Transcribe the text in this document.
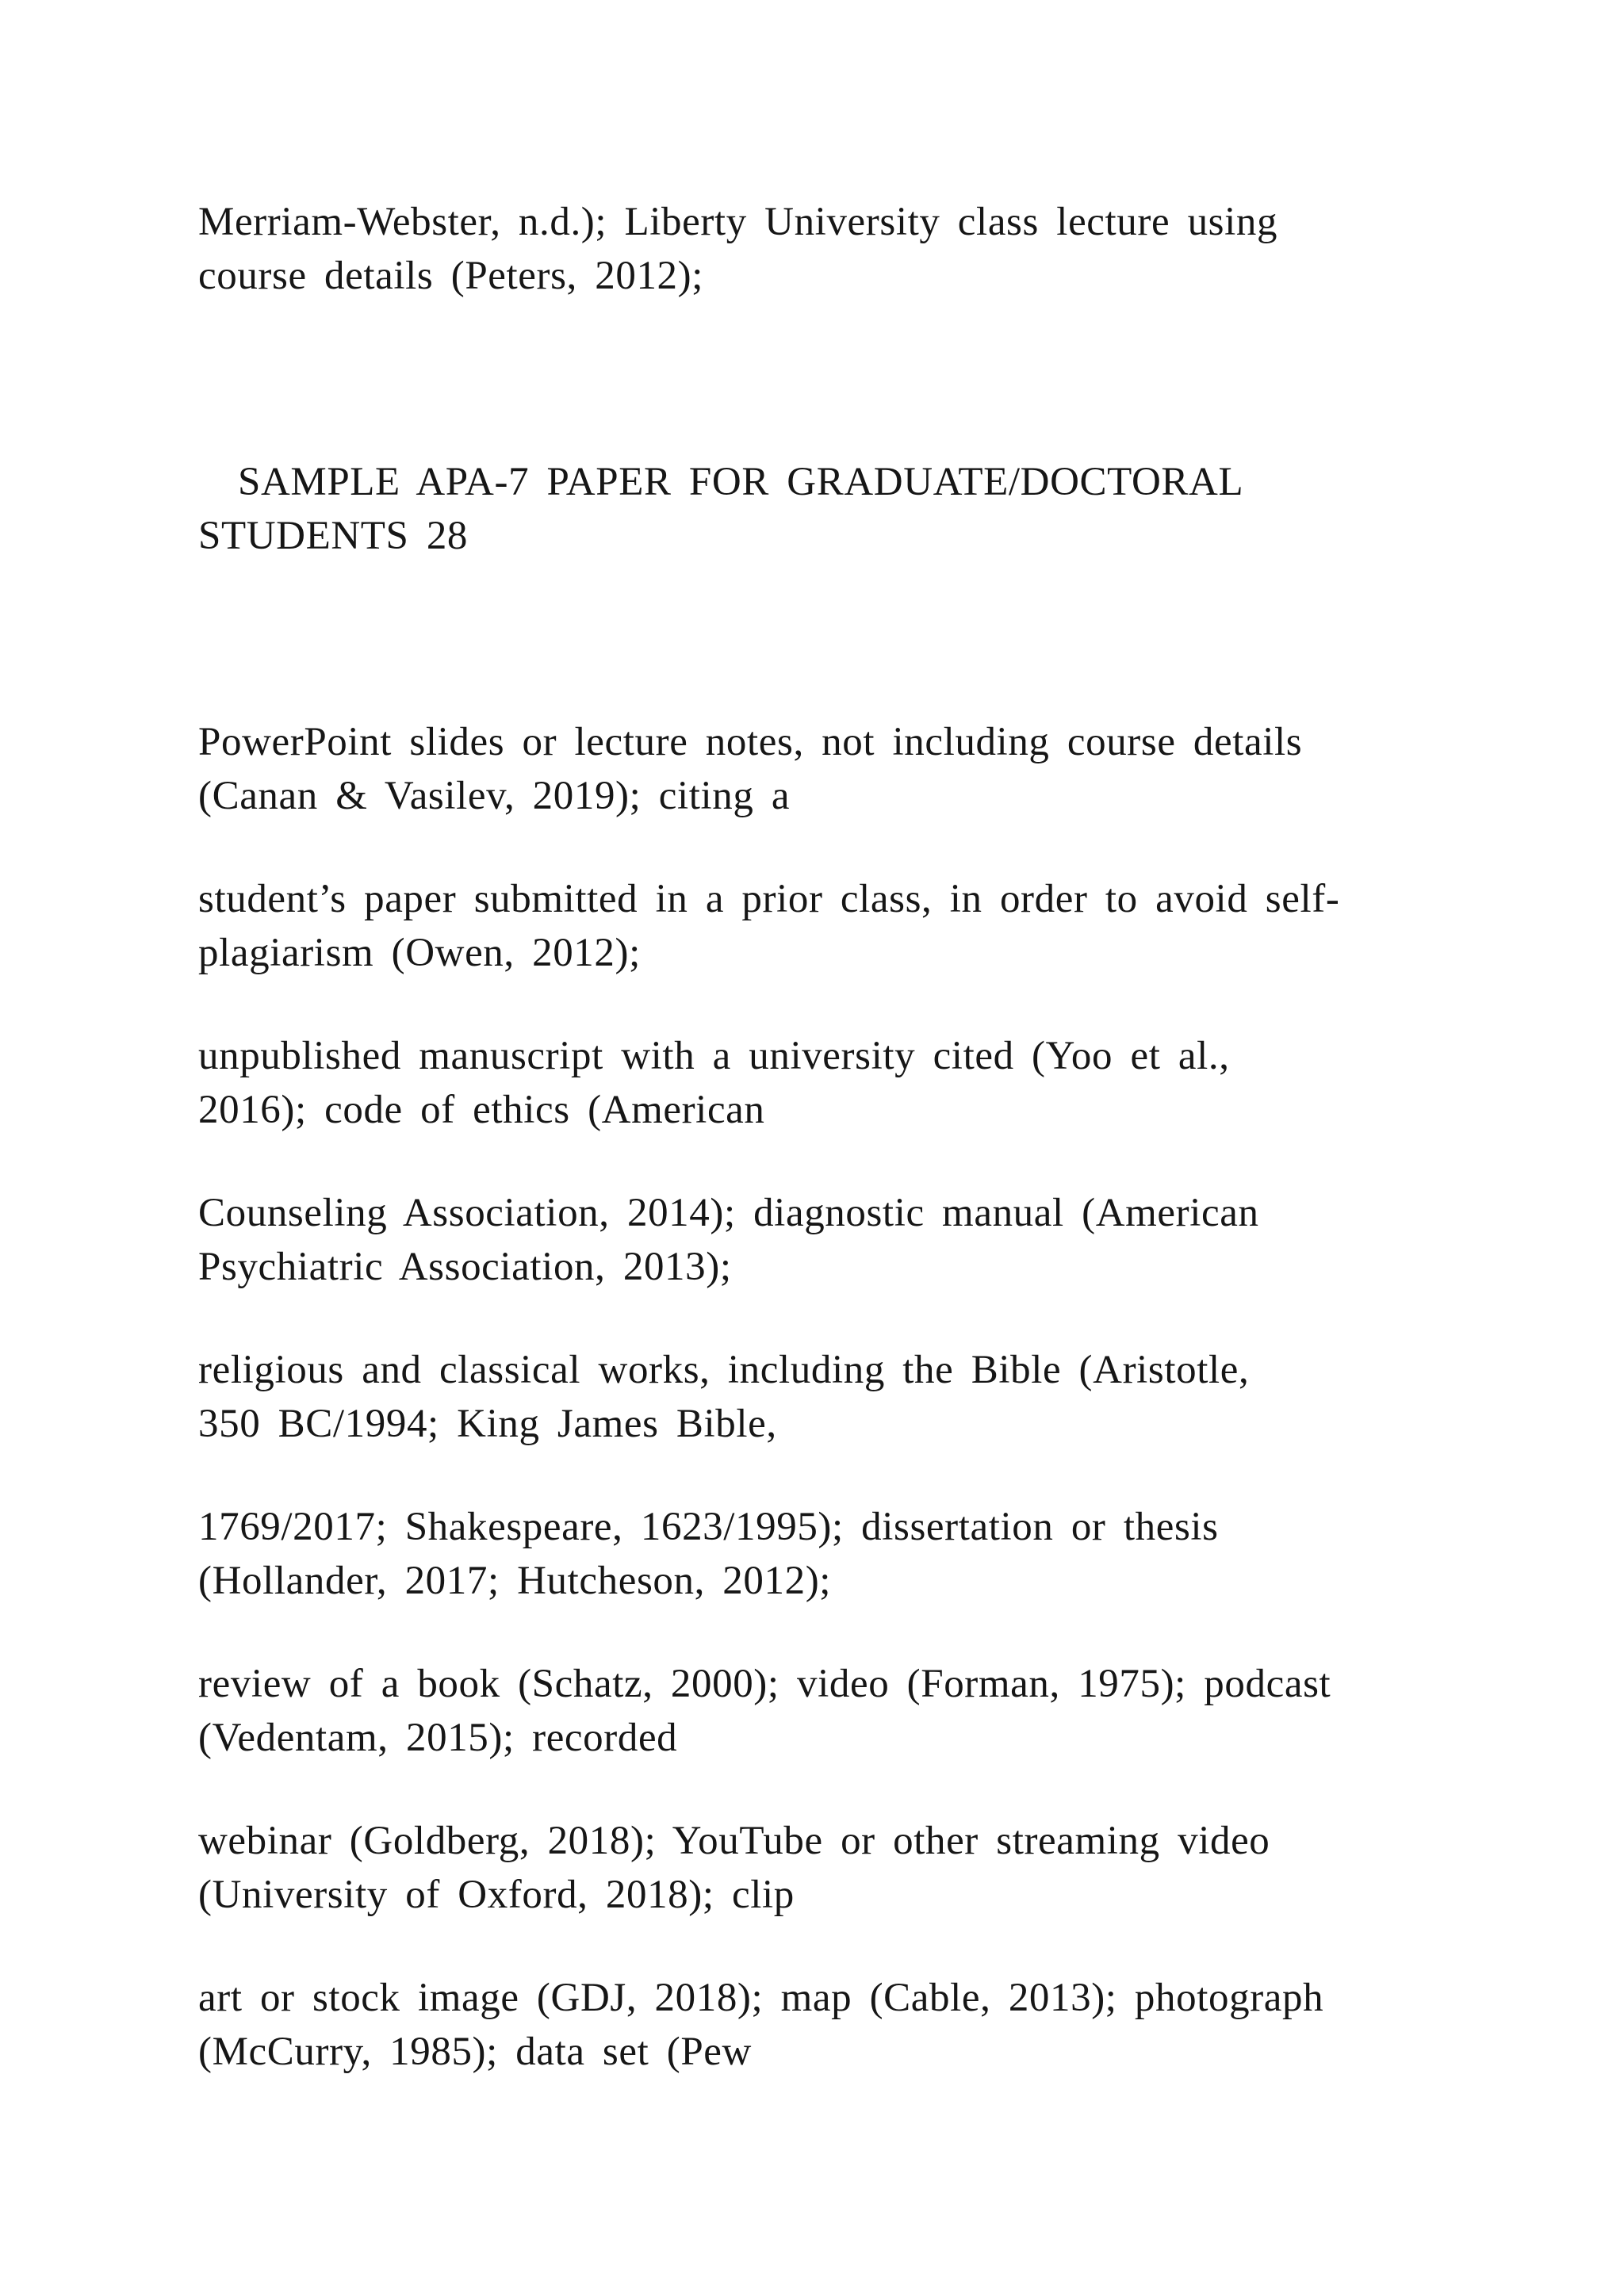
Merriam-Webster, n.d.); Liberty University class lecture using

course details (Peters, 2012);

SAMPLE APA-7 PAPER FOR GRADUATE/DOCTORAL

STUDENTS 28

PowerPoint slides or lecture notes, not including course details

(Canan & Vasilev, 2019); citing a

student’s paper submitted in a prior class, in order to avoid self-

plagiarism (Owen, 2012);

unpublished manuscript with a university cited (Yoo et al.,

2016); code of ethics (American

Counseling Association, 2014); diagnostic manual (American

Psychiatric Association, 2013);

religious and classical works, including the Bible (Aristotle,

350 BC/1994; King James Bible,

1769/2017; Shakespeare, 1623/1995); dissertation or thesis

(Hollander, 2017; Hutcheson, 2012);

review of a book (Schatz, 2000); video (Forman, 1975); podcast

(Vedentam, 2015); recorded

webinar (Goldberg, 2018); YouTube or other streaming video

(University of Oxford, 2018); clip

art or stock image (GDJ, 2018); map (Cable, 2013); photograph

(McCurry, 1985); data set (Pew
